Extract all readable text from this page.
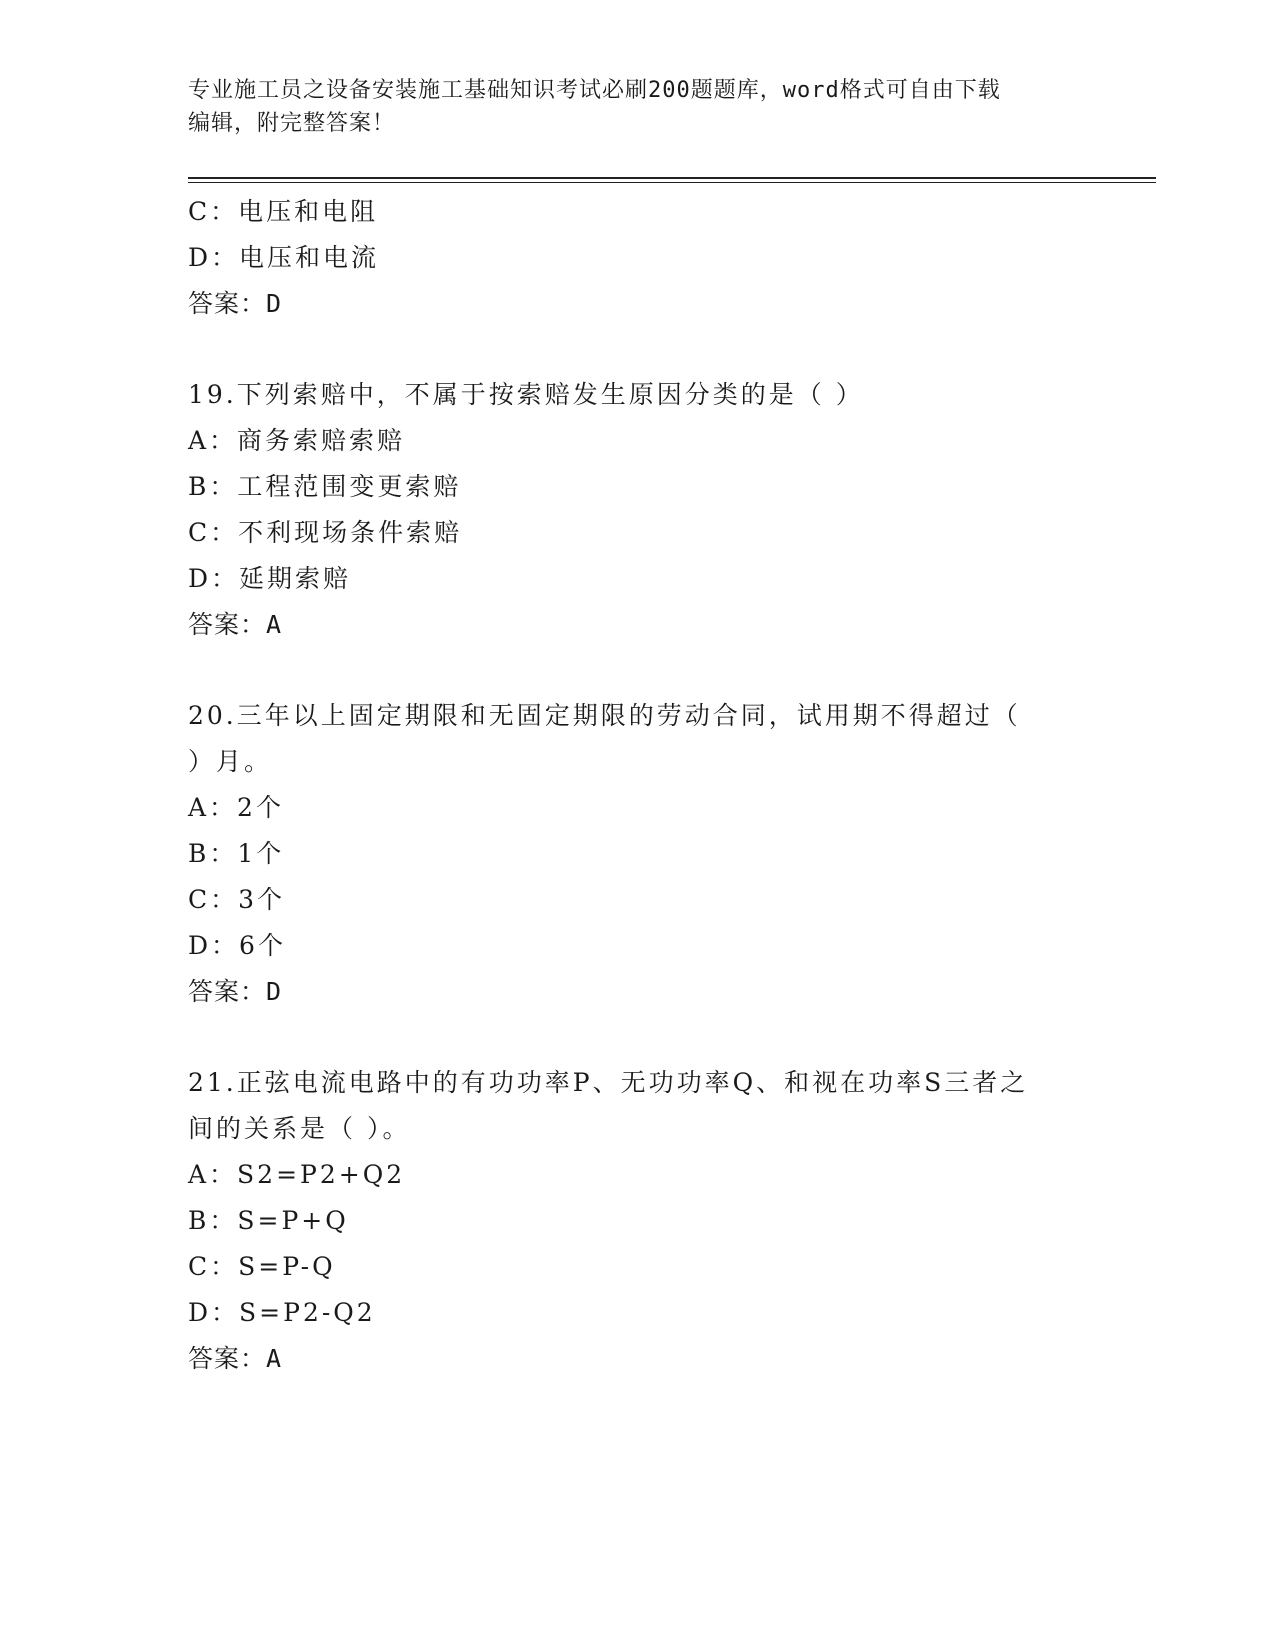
专业施工员之设备安装施工基础知识考试必刷200题题库，word格式可自由下载
编辑，附完整答案！
C：电压和电阻
D：电压和电流
答案：D
19.下列索赔中，不属于按索赔发生原因分类的是（ ）
A：商务索赔索赔
B：工程范围变更索赔
C：不利现场条件索赔
D：延期索赔
答案：A
20.三年以上固定期限和无固定期限的劳动合同，试用期不得超过（
）月。
A：2个
B：1个
C：3个
D：6个
答案：D
21.正弦电流电路中的有功功率P、无功功率Q、和视在功率S三者之
间的关系是（ ）。
A：S2=P2+Q2
B：S=P+Q
C：S=P-Q
D：S=P2-Q2
答案：A
